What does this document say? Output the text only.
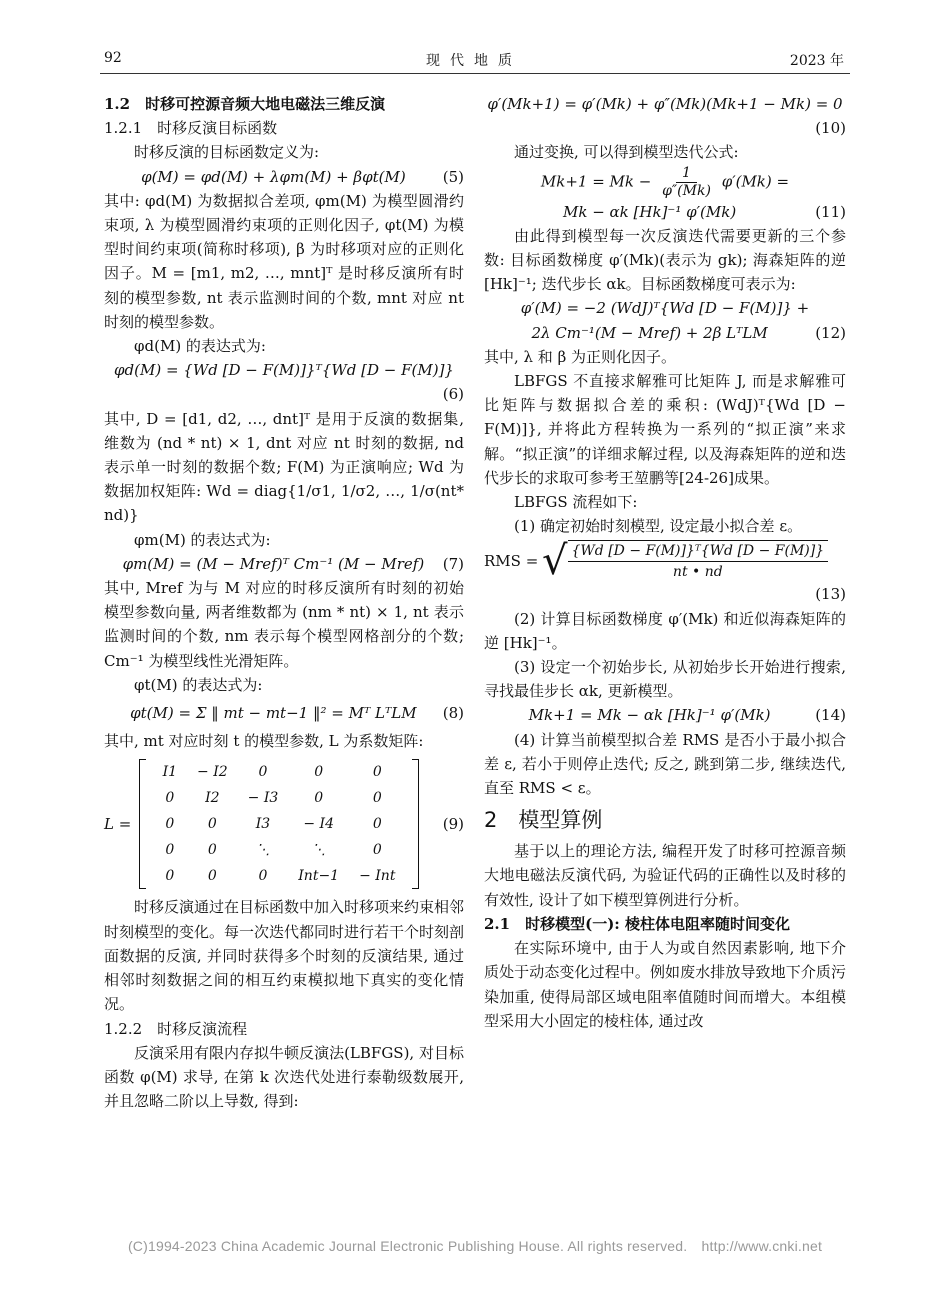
92	现代地质	2023 年

1.2　时移可控源音频大地电磁法三维反演

1.2.1　时移反演目标函数

时移反演的目标函数定义为:

φ(M) = φd(M) + λφm(M) + βφt(M)	(5)

其中: φd(M) 为数据拟合差项, φm(M) 为模型圆滑约束项, λ 为模型圆滑约束项的正则化因子, φt(M) 为模型时间约束项(简称时移项), β 为时移项对应的正则化因子。M = [m1, m2, …, mnt]ᵀ 是时移反演所有时刻的模型参数, nt 表示监测时间的个数, mnt 对应 nt 时刻的模型参数。

φd(M) 的表达式为:

φd(M) = {Wd [D − F(M)]}ᵀ{Wd [D − F(M)]}
(6)

其中, D = [d1, d2, …, dnt]ᵀ 是用于反演的数据集, 维数为 (nd * nt) × 1, dnt 对应 nt 时刻的数据, nd 表示单一时刻的数据个数; F(M) 为正演响应; Wd 为数据加权矩阵: Wd = diag{1/σ1, 1/σ2, …, 1/σ(nt* nd)}

φm(M) 的表达式为:

φm(M) = (M − Mref)ᵀ Cm⁻¹ (M − Mref)	(7)

其中, Mref 为与 M 对应的时移反演所有时刻的初始模型参数向量, 两者维数都为 (nm * nt) × 1, nt 表示监测时间的个数, nm 表示每个模型网格剖分的个数; Cm⁻¹ 为模型线性光滑矩阵。

φt(M) 的表达式为:

φt(M) = Σ ‖ mt − mt−1 ‖² = Mᵀ LᵀLM	(8)

其中, mt 对应时刻 t 的模型参数, L 为系数矩阵:

L =
I1	− I2	0	0	0
0	I2	− I3	0	0
0	0	I3	− I4	0
0	0	⋱	⋱	0
0	0	0	Int−1	− Int
(9)

时移反演通过在目标函数中加入时移项来约束相邻时刻模型的变化。每一次迭代都同时进行若干个时刻剖面数据的反演, 并同时获得多个时刻的反演结果, 通过相邻时刻数据之间的相互约束模拟地下真实的变化情况。

1.2.2　时移反演流程

反演采用有限内存拟牛顿反演法(LBFGS), 对目标函数 φ(M) 求导, 在第 k 次迭代处进行泰勒级数展开, 并且忽略二阶以上导数, 得到:

φ′(Mk+1) = φ′(Mk) + φ″(Mk)(Mk+1 − Mk) = 0
(10)

通过变换, 可以得到模型迭代公式:

$Mk+1 = Mk - \frac{1}{\varphi''(Mk)} \varphi'(Mk)$ =
Mk − αk [Hk]⁻¹ φ′(Mk)	(11)

由此得到模型每一次反演迭代需要更新的三个参数: 目标函数梯度 φ′(Mk)(表示为 gk); 海森矩阵的逆 [Hk]⁻¹; 迭代步长 αk。目标函数梯度可表示为:

φ′(M) = −2 (WdJ)ᵀ{Wd [D − F(M)]} +
2λ Cm⁻¹(M − Mref) + 2β LᵀLM	(12)

其中, λ 和 β 为正则化因子。

LBFGS 不直接求解雅可比矩阵 J, 而是求解雅可比矩阵与数据拟合差的乘积: (WdJ)ᵀ{Wd [D − F(M)]}, 并将此方程转换为一系列的“拟正演”来求解。“拟正演”的详细求解过程, 以及海森矩阵的逆和迭代步长的求取可参考王堃鹏等[24-26]成果。

LBFGS 流程如下:

(1) 确定初始时刻模型, 设定最小拟合差 ε。

RMS = √ {Wd [D − F(M)]}ᵀ{Wd [D − F(M)]}
nt • nd
(13)

(2) 计算目标函数梯度 φ′(Mk) 和近似海森矩阵的逆 [Hk]⁻¹。

(3) 设定一个初始步长, 从初始步长开始进行搜索, 寻找最佳步长 αk, 更新模型。

Mk+1 = Mk − αk [Hk]⁻¹ φ′(Mk)	(14)

(4) 计算当前模型拟合差 RMS 是否小于最小拟合差 ε, 若小于则停止迭代; 反之, 跳到第二步, 继续迭代, 直至 RMS < ε。

2　模型算例

基于以上的理论方法, 编程开发了时移可控源音频大地电磁法反演代码, 为验证代码的正确性以及时移的有效性, 设计了如下模型算例进行分析。

2.1　时移模型(一): 棱柱体电阻率随时间变化

在实际环境中, 由于人为或自然因素影响, 地下介质处于动态变化过程中。例如废水排放导致地下介质污染加重, 使得局部区域电阻率值随时间而增大。本组模型采用大小固定的棱柱体, 通过改

(C)1994-2023 China Academic Journal Electronic Publishing House. All rights reserved.　http://www.cnki.net
